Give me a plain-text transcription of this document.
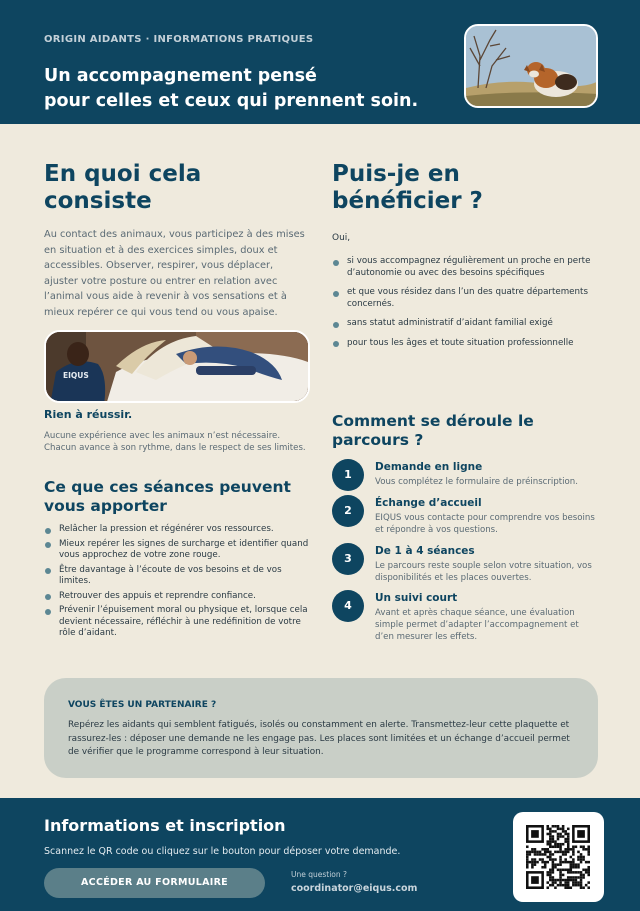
ORIGIN AIDANTS · INFORMATIONS PRATIQUES
Un accompagnement pensé
pour celles et ceux qui prennent soin.
En quoi cela
consiste
Au contact des animaux, vous participez à des mises en situation et à des exercices simples, doux et accessibles. Observer, respirer, vous déplacer, ajuster votre posture ou entrer en relation avec l’animal vous aide à revenir à vos sensations et à mieux repérer ce qui vous tend ou vous apaise.
EIQUS
Rien à réussir.
Aucune expérience avec les animaux n’est nécessaire. Chacun avance à son rythme, dans le respect de ses limites.
Ce que ces séances peuvent
vous apporter
Relâcher la pression et régénérer vos ressources.
Mieux repérer les signes de surcharge et identifier quand vous approchez de votre zone rouge.
Être davantage à l’écoute de vos besoins et de vos limites.
Retrouver des appuis et reprendre confiance.
Prévenir l’épuisement moral ou physique et, lorsque cela devient nécessaire, réfléchir à une redéfinition de votre rôle d’aidant.
Puis-je en
bénéficier ?
Oui,
si vous accompagnez régulièrement un proche en perte d’autonomie ou avec des besoins spécifiques
et que vous résidez dans l’un des quatre départements concernés.
sans statut administratif d’aidant familial exigé
pour tous les âges et toute situation professionnelle
Comment se déroule le
parcours ?
1
Demande en ligne
Vous complétez le formulaire de préinscription.
2
Échange d’accueil
EIQUS vous contacte pour comprendre vos besoins et répondre à vos questions.
3
De 1 à 4 séances
Le parcours reste souple selon votre situation, vos disponibilités et les places ouvertes.
4
Un suivi court
Avant et après chaque séance, une évaluation simple permet d’adapter l’accompagnement et d’en mesurer les effets.
VOUS ÊTES UN PARTENAIRE ?
Repérez les aidants qui semblent fatigués, isolés ou constamment en alerte. Transmettez-leur cette plaquette et rassurez-les : déposer une demande ne les engage pas. Les places sont limitées et un échange d’accueil permet de vérifier que le programme correspond à leur situation.
Informations et inscription
Scannez le QR code ou cliquez sur le bouton pour déposer votre demande.
ACCÉDER AU FORMULAIRE
Une question ?
coordinator@eiqus.com
